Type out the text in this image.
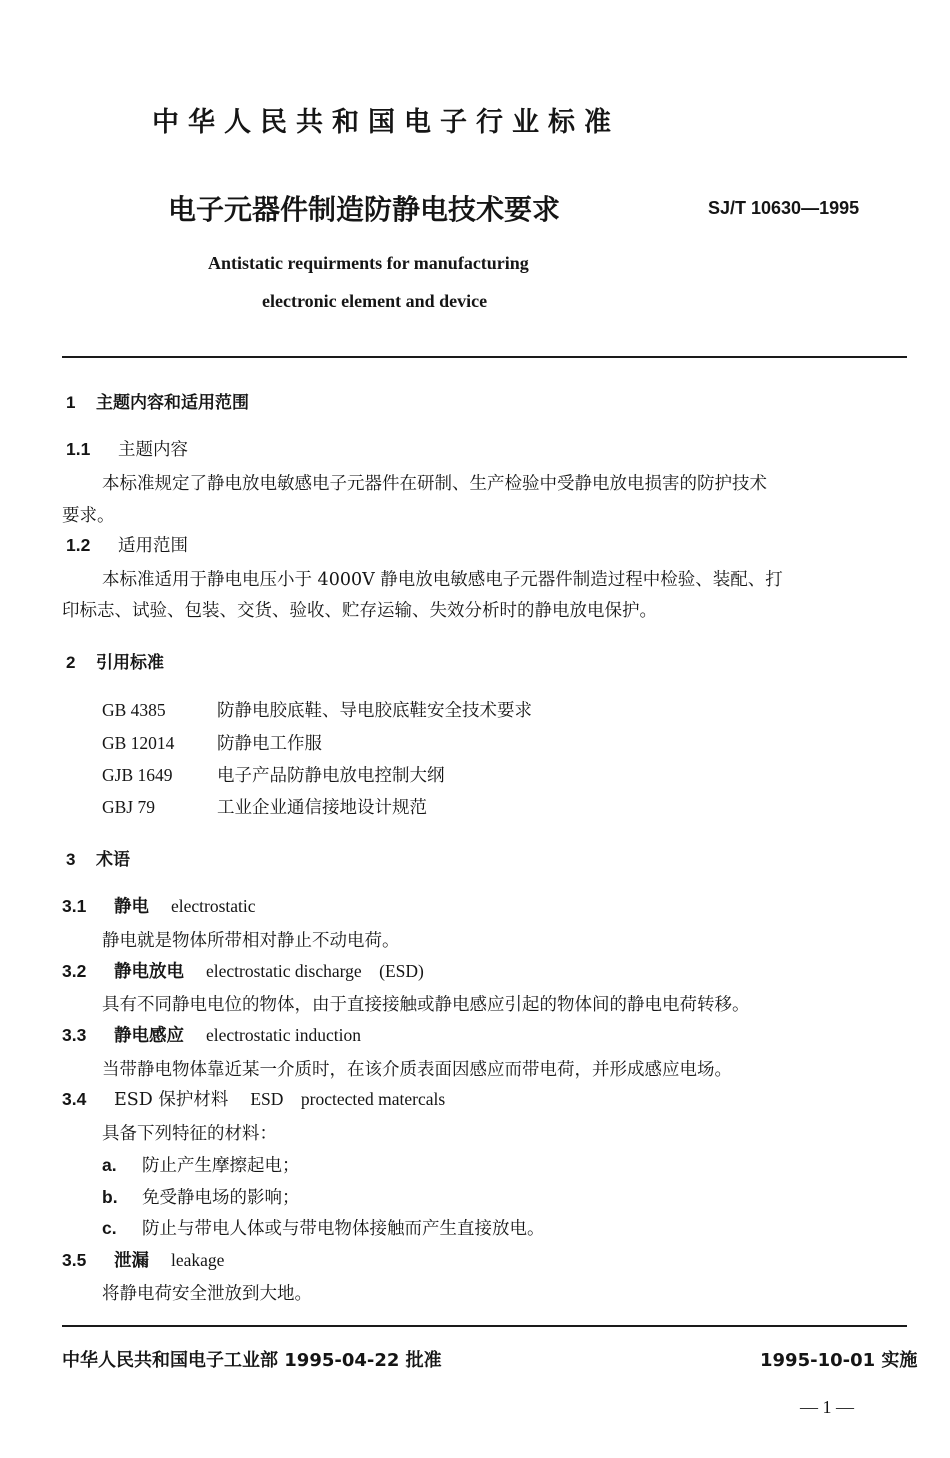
中华人民共和国电子行业标准
电子元器件制造防静电技术要求	SJ/T 10630—1995
Antistatic requirments for manufacturing
electronic element and device
1 主题内容和适用范围
1.1 主题内容
本标准规定了静电放电敏感电子元器件在研制、生产检验中受静电放电损害的防护技术
要求。
1.2 适用范围
本标准适用于静电电压小于 4000V 静电放电敏感电子元器件制造过程中检验、装配、打
印标志、试验、包装、交货、验收、贮存运输、失效分析时的静电放电保护。
2 引用标准
GB 4385	防静电胶底鞋、导电胶底鞋安全技术要求
GB 12014 防静电工作服
GJB 1649	电子产品防静电放电控制大纲
GBJ 79	工业企业通信接地设计规范
3 术语
3.1 静电 electrostatic
静电就是物体所带相对静止不动电荷。
3.2 静电放电 electrostatic discharge　(ESD)
具有不同静电电位的物体，由于直接接触或静电感应引起的物体间的静电电荷转移。
3.3 静电感应 electrostatic induction
当带静电物体靠近某一介质时，在该介质表面因感应而带电荷，并形成感应电场。
3.4 ESD 保护材料 ESD　proctected matercals
具备下列特征的材料：
a. 防止产生摩擦起电；
b. 免受静电场的影响；
c. 防止与带电人体或与带电物体接触而产生直接放电。
3.5 泄漏 leakage
将静电荷安全泄放到大地。
中华人民共和国电子工业部 1995-04-22 批准	1995-10-01 实施
— 1 —
